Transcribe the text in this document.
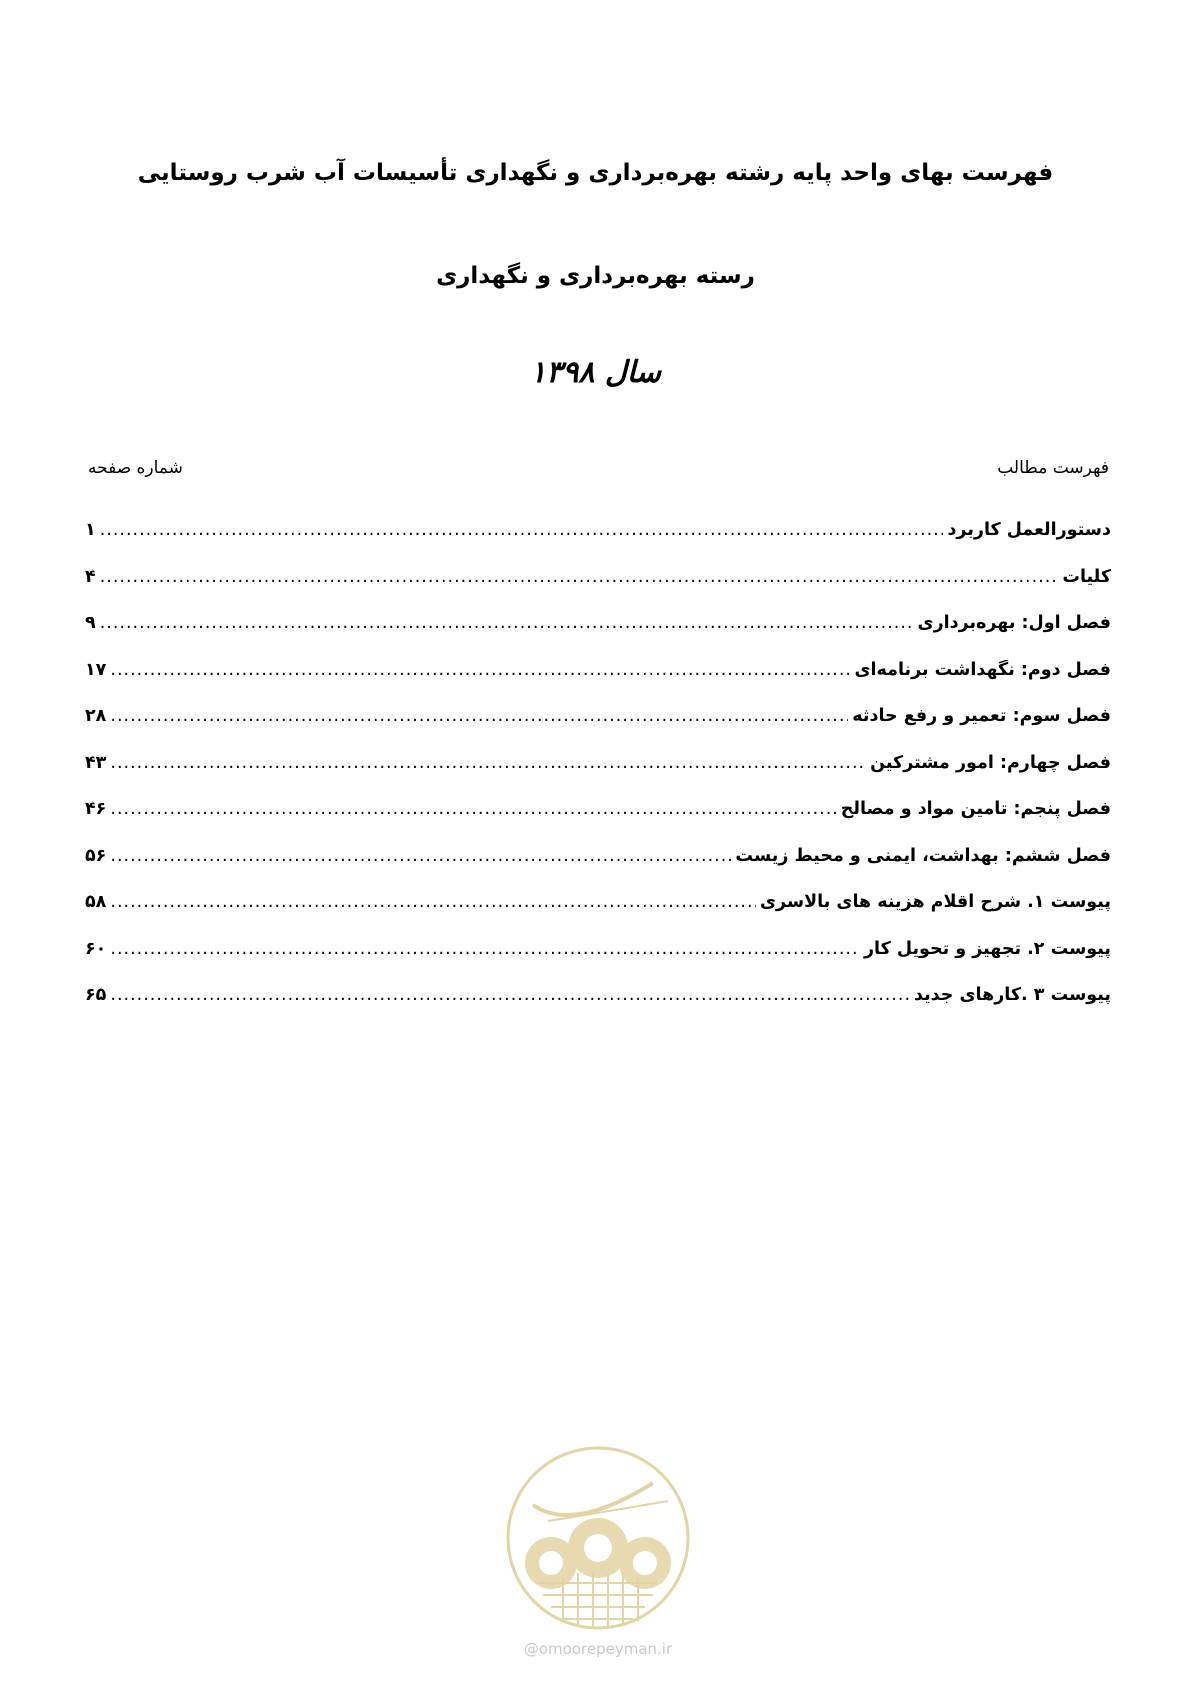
فهرست بهای واحد پایه رشته بهره‌برداری و نگهداری تأسیسات آب شرب روستایی
رسته بهره‌برداری و نگهداری
سال ۱۳۹۸
فهرست مطالب
شماره صفحه
دستورالعمل کاربرد
.....
۱
کلیات
.....
۴
فصل اول: بهره‌برداری
.....
۹
فصل دوم: نگهداشت برنامه‌ای
.....
۱۷
فصل سوم: تعمیر و رفع حادثه
.....
۲۸
فصل چهارم: امور مشترکین
.....
۴۳
فصل پنجم: تامین مواد و مصالح
.....
۴۶
فصل ششم: بهداشت، ایمنی و محیط زیست
.....
۵۶
پیوست ۱. شرح اقلام هزینه های بالاسری
.....
۵۸
پیوست ۲. تجهیز و تحویل کار
.....
۶۰
پیوست ۳ .کارهای جدید
.....
۶۵
@omoorepeyman.ir
